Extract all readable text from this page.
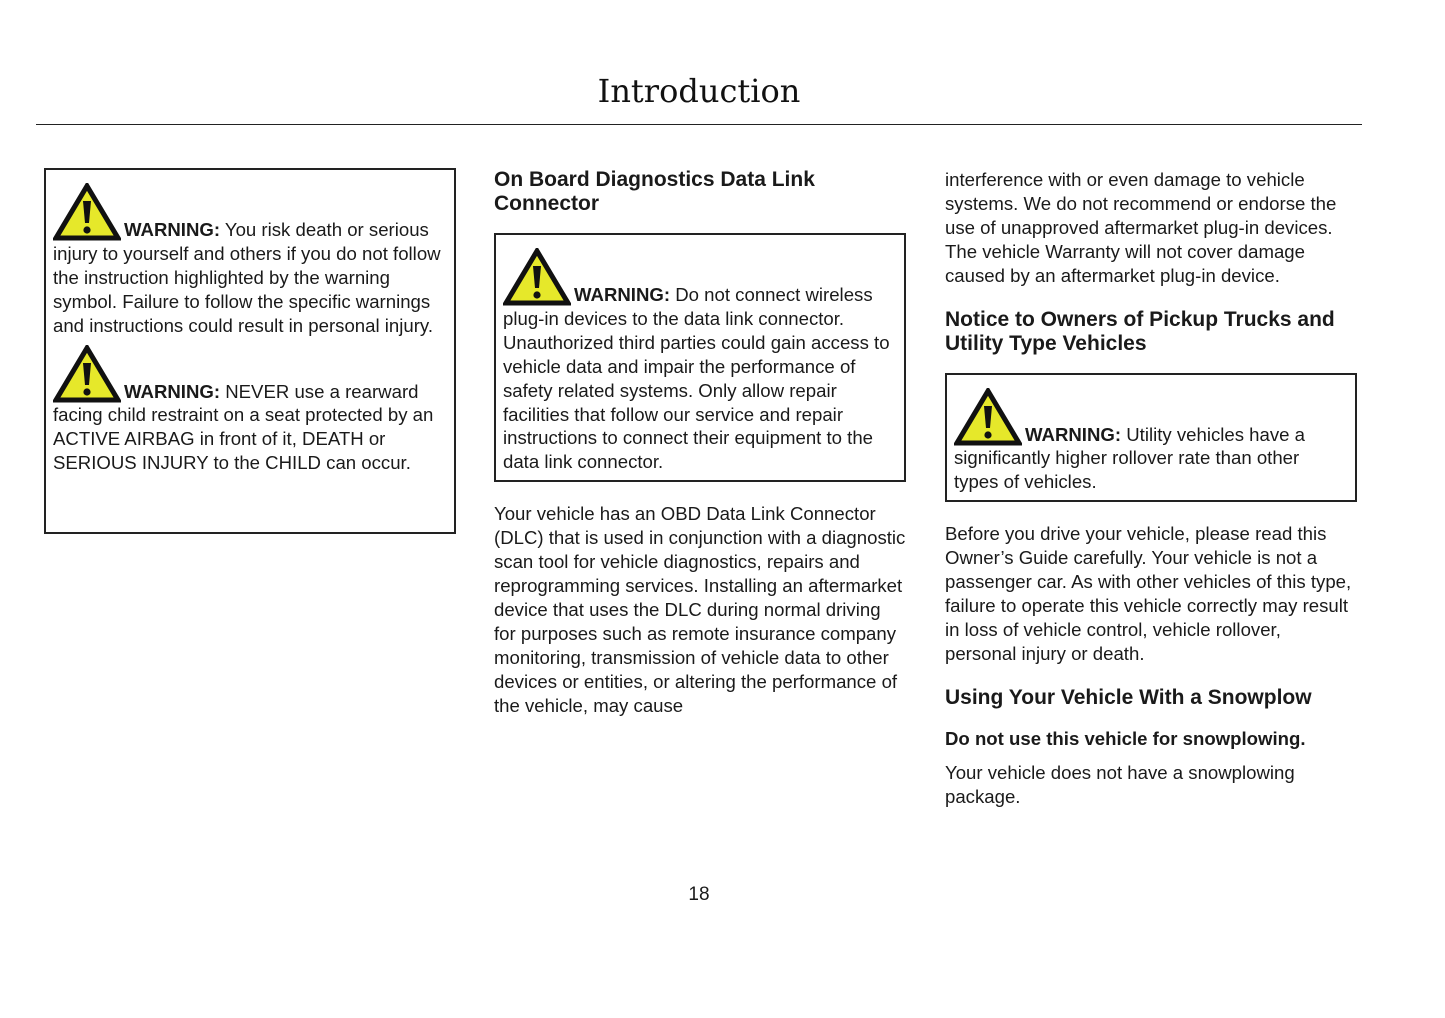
Introduction
WARNING: You risk death or serious injury to yourself and others if you do not follow the instruction highlighted by the warning symbol. Failure to follow the specific warnings and instructions could result in personal injury.
WARNING: NEVER use a rearward facing child restraint on a seat protected by an ACTIVE AIRBAG in front of it, DEATH or SERIOUS INJURY to the CHILD can occur.
On Board Diagnostics Data Link Connector
WARNING: Do not connect wireless plug-in devices to the data link connector. Unauthorized third parties could gain access to vehicle data and impair the performance of safety related systems. Only allow repair facilities that follow our service and repair instructions to connect their equipment to the data link connector.

Your vehicle has an OBD Data Link Connector (DLC) that is used in conjunction with a diagnostic scan tool for vehicle diagnostics, repairs and reprogramming services. Installing an aftermarket device that uses the DLC during normal driving for purposes such as remote insurance company monitoring, transmission of vehicle data to other devices or entities, or altering the performance of the vehicle, may cause

interference with or even damage to vehicle systems. We do not recommend or endorse the use of unapproved aftermarket plug-in devices. The vehicle Warranty will not cover damage caused by an aftermarket plug-in device.

Notice to Owners of Pickup Trucks and Utility Type Vehicles
WARNING: Utility vehicles have a significantly higher rollover rate than other types of vehicles.

Before you drive your vehicle, please read this Owner’s Guide carefully. Your vehicle is not a passenger car. As with other vehicles of this type, failure to operate this vehicle correctly may result in loss of vehicle control, vehicle rollover, personal injury or death.

Using Your Vehicle With a Snowplow
Do not use this vehicle for snowplowing.

Your vehicle does not have a snowplowing package.

18
